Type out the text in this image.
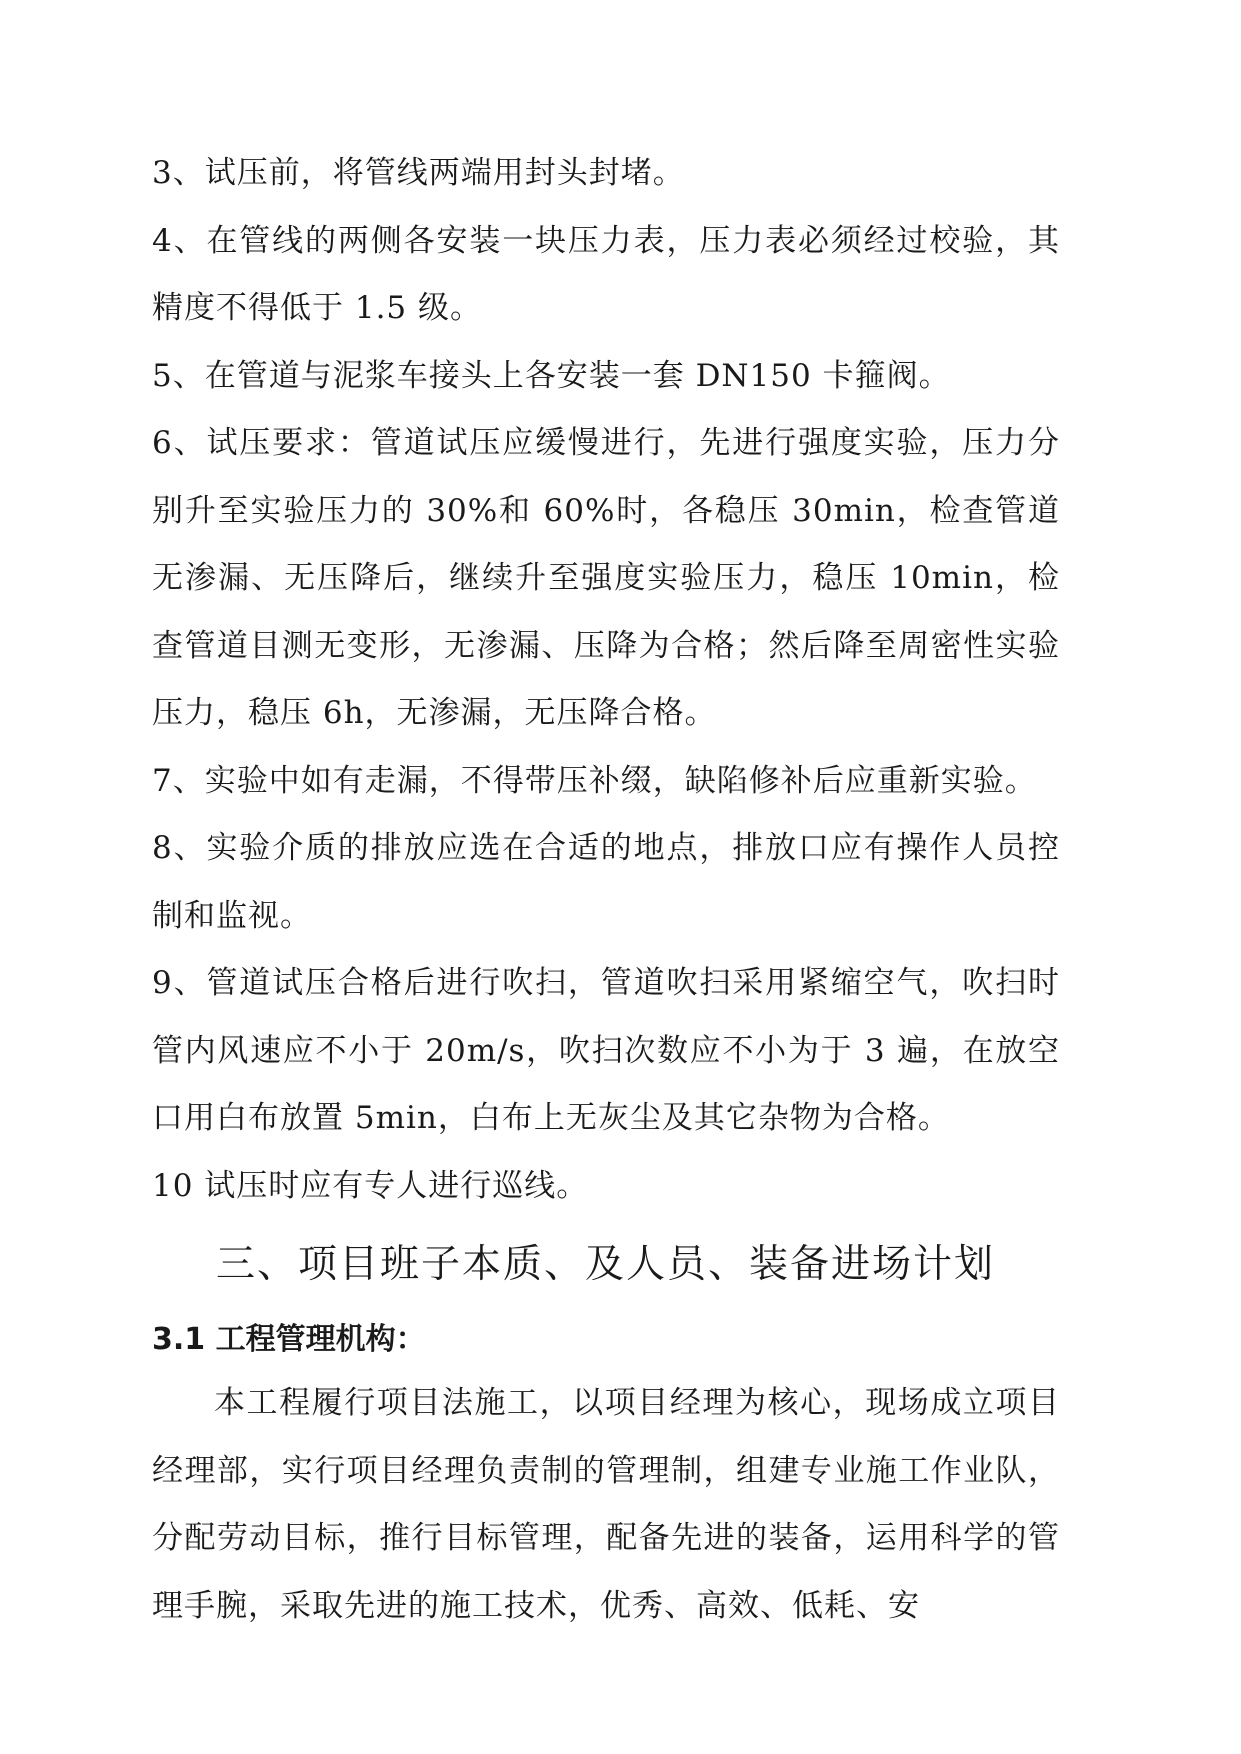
3、试压前，将管线两端用封头封堵。

4、在管线的两侧各安装一块压力表，压力表必须经过校验，其精度不得低于 1.5 级。

5、在管道与泥浆车接头上各安装一套 DN150 卡箍阀。

6、试压要求：管道试压应缓慢进行，先进行强度实验，压力分别升至实验压力的 30%和 60%时，各稳压 30min，检查管道无渗漏、无压降后，继续升至强度实验压力，稳压 10min，检查管道目测无变形，无渗漏、压降为合格；然后降至周密性实验压力，稳压 6h，无渗漏，无压降合格。

7、实验中如有走漏，不得带压补缀，缺陷修补后应重新实验。

8、实验介质的排放应选在合适的地点，排放口应有操作人员控制和监视。

9、管道试压合格后进行吹扫，管道吹扫采用紧缩空气，吹扫时管内风速应不小于 20m/s，吹扫次数应不小为于 3 遍，在放空口用白布放置 5min，白布上无灰尘及其它杂物为合格。

10 试压时应有专人进行巡线。

三、项目班子本质、及人员、装备进场计划
3.1 工程管理机构：

本工程履行项目法施工，以项目经理为核心，现场成立项目经理部，实行项目经理负责制的管理制，组建专业施工作业队，分配劳动目标，推行目标管理，配备先进的装备，运用科学的管理手腕，采取先进的施工技术，优秀、高效、低耗、安
